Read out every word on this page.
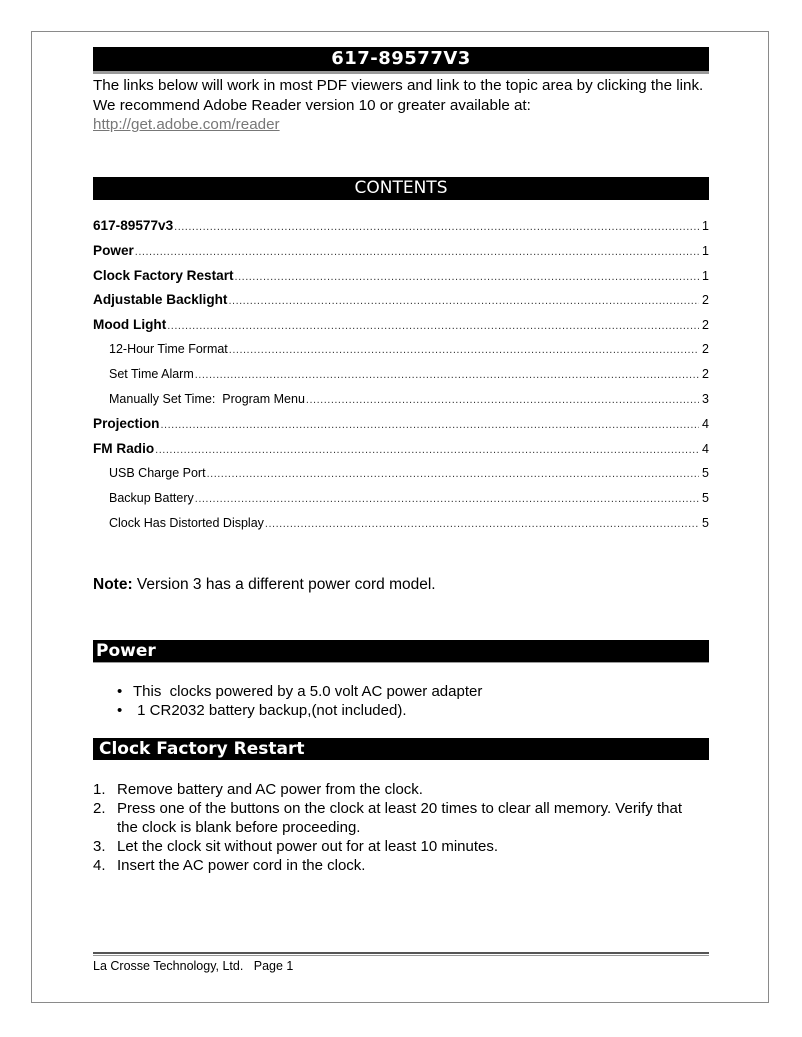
617-89577V3
The links below will work in most PDF viewers and link to the topic area by clicking the link. We recommend Adobe Reader version 10 or greater available at:
http://get.adobe.com/reader
CONTENTS
617-89577v3 .....	1
Power .....	1
Clock Factory Restart .....	1
Adjustable Backlight .....	2
Mood Light .....	2
12-Hour Time Format .....	2
Set Time Alarm .....	2
Manually Set Time:  Program Menu .....	3
Projection .....	4
FM Radio .....	4
USB Charge Port .....	5
Backup Battery .....	5
Clock Has Distorted Display .....	5
Note: Version 3 has a different power cord model.
Power
• This  clocks powered by a 5.0 volt AC power adapter
• 1 CR2032 battery backup,(not included).
Clock Factory Restart
1. Remove battery and AC power from the clock.
2. Press one of the buttons on the clock at least 20 times to clear all memory. Verify that the clock is blank before proceeding.
3. Let the clock sit without power out for at least 10 minutes.
4. Insert the AC power cord in the clock.
La Crosse Technology, Ltd.   Page 1
